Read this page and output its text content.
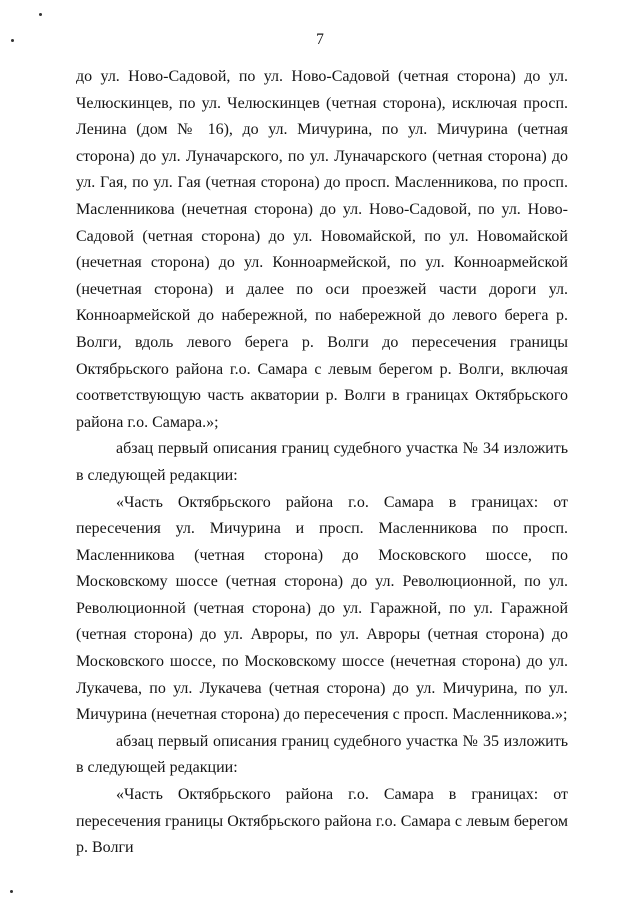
7

до ул. Ново-Садовой, по ул. Ново-Садовой (четная сторона) до ул. Челюскинцев, по ул. Челюскинцев (четная сторона), исключая просп. Ленина (дом № 16), до ул. Мичурина, по ул. Мичурина (четная сторона) до ул. Луначарского, по ул. Луначарского (четная сторона) до ул. Гая, по ул. Гая (четная сторона) до просп. Масленникова, по просп. Масленникова (нечетная сторона) до ул. Ново-Садовой, по ул. Ново-Садовой (четная сторона) до ул. Новомайской, по ул. Новомайской (нечетная сторона) до ул. Конноармейской, по ул. Конноармейской (нечетная сторона) и далее по оси проезжей части дороги ул. Конноармейской до набережной, по набережной до левого берега р. Волги, вдоль левого берега р. Волги до пересечения границы Октябрьского района г.о. Самара с левым берегом р. Волги, включая соответствующую часть акватории р. Волги в границах Октябрьского района г.о. Самара.»;

абзац первый описания границ судебного участка № 34 изложить в следующей редакции:

«Часть Октябрьского района г.о. Самара в границах: от пересечения ул. Мичурина и просп. Масленникова по просп. Масленникова (четная сторона) до Московского шоссе, по Московскому шоссе (четная сторона) до ул. Революционной, по ул. Революционной (четная сторона) до ул. Гаражной, по ул. Гаражной (четная сторона) до ул. Авроры, по ул. Авроры (четная сторона) до Московского шоссе, по Московскому шоссе (нечетная сторона) до ул. Лукачева, по ул. Лукачева (четная сторона) до ул. Мичурина, по ул. Мичурина (нечетная сторона) до пересечения с просп. Масленникова.»;

абзац первый описания границ судебного участка № 35 изложить в следующей редакции:

«Часть Октябрьского района г.о. Самара в границах: от пересечения границы Октябрьского района г.о. Самара с левым берегом р. Волги
